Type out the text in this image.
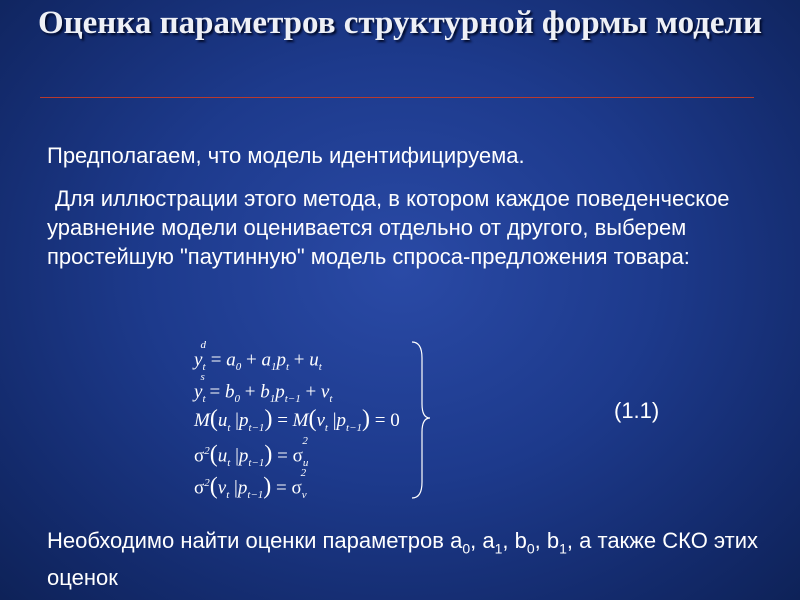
Оценка параметров структурной формы модели
Предполагаем, что модель идентифицируема.
Для иллюстрации этого метода, в котором каждое поведенческое уравнение модели оценивается отдельно от другого, выберем простейшую "паутинную" модель спроса-предложения товара:
$y_t^d = a_0 + a_1p_t + u_t$
$y_t^s = b_0 + b_1p_{t-1} + v_t$
$M(u_t$ $|p_{t-1}) = M(v_t$ $|p_{t-1}) = 0$
$\sigma^2(u_t$ $|p_{t-1}) = \sigma_u^2$
$\sigma^2(v_t$ $|p_{t-1}) = \sigma_v^2$
(1.1)
Необходимо найти оценки параметров $a_0$, $a_1$, $b_0$, $b_1$, а также СКО этих оценок
